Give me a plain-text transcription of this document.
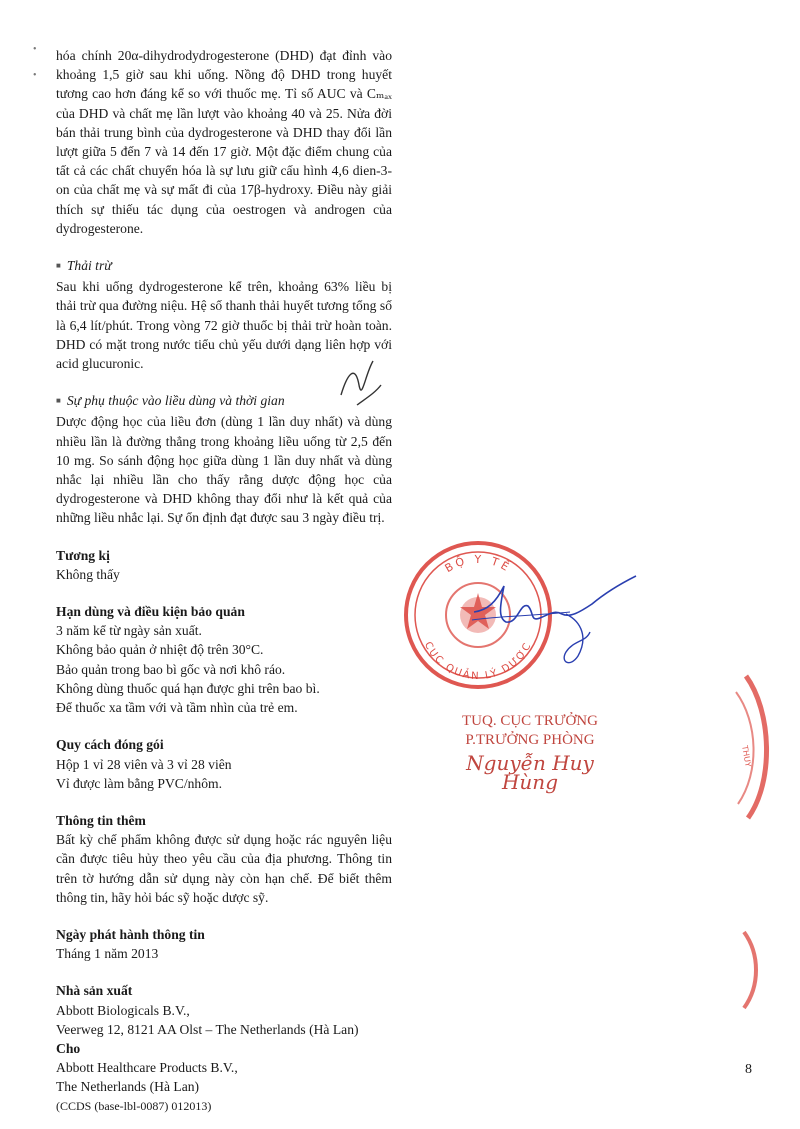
•
•

hóa chính 20α-dihydrodydrogesterone (DHD) đạt đỉnh vào khoảng 1,5 giờ sau khi uống. Nồng độ DHD trong huyết tương cao hơn đáng kể so với thuốc mẹ. Tỉ số AUC và Cₘₐₓ của DHD và chất mẹ lần lượt vào khoảng 40 và 25. Nửa đời bán thải trung bình của dydrogesterone và DHD thay đổi lần lượt giữa 5 đến 7 và 14 đến 17 giờ. Một đặc điểm chung của tất cả các chất chuyển hóa là sự lưu giữ cấu hình 4,6 dien-3-on của chất mẹ và sự mất đi của 17β-hydroxy. Điều này giải thích sự thiếu tác dụng của oestrogen và androgen của dydrogesterone.

■ Thải trừ

Sau khi uống dydrogesterone kể trên, khoảng 63% liều bị thải trừ qua đường niệu. Hệ số thanh thải huyết tương tổng số là 6,4 lít/phút. Trong vòng 72 giờ thuốc bị thải trừ hoàn toàn. DHD có mặt trong nước tiểu chủ yếu dưới dạng liên hợp với acid glucuronic.

■ Sự phụ thuộc vào liều dùng và thời gian

Dược động học của liều đơn (dùng 1 lần duy nhất) và dùng nhiều lần là đường thẳng trong khoảng liều uống từ 2,5 đến 10 mg. So sánh động học giữa dùng 1 lần duy nhất và dùng nhắc lại nhiều lần cho thấy rằng dược động học của dydrogesterone và DHD không thay đổi như là kết quả của những liều nhắc lại. Sự ổn định đạt được sau 3 ngày điều trị.

Tương kị

Không thấy

Hạn dùng và điều kiện bảo quản

3 năm kể từ ngày sản xuất.
Không bảo quản ở nhiệt độ trên 30°C.
Bảo quản trong bao bì gốc và nơi khô ráo.
Không dùng thuốc quá hạn được ghi trên bao bì.
Để thuốc xa tầm với và tầm nhìn của trẻ em.

Quy cách đóng gói

Hộp 1 vỉ 28 viên và 3 vỉ 28 viên
Vỉ được làm bằng PVC/nhôm.

Thông tin thêm

Bất kỳ chế phẩm không được sử dụng hoặc rác nguyên liệu cần được tiêu hủy theo yêu cầu của địa phương. Thông tin trên tờ hướng dẫn sử dụng này còn hạn chế. Để biết thêm thông tin, hãy hỏi bác sỹ hoặc dược sỹ.

Ngày phát hành thông tin

Tháng 1 năm 2013

Nhà sản xuất

Abbott Biologicals B.V.,

Veerweg 12, 8121 AA Olst – The Netherlands (Hà Lan)

Cho

Abbott Healthcare Products B.V.,

The Netherlands (Hà Lan)

(CCDS (base-lbl-0087) 012013)

BỘ Y TẾ
CỤC QUẢN LÝ DƯỢC
THUY
TUQ. CỤC TRƯỞNG
P.TRƯỞNG PHÒNG
Nguyễn Huy Hùng
8
